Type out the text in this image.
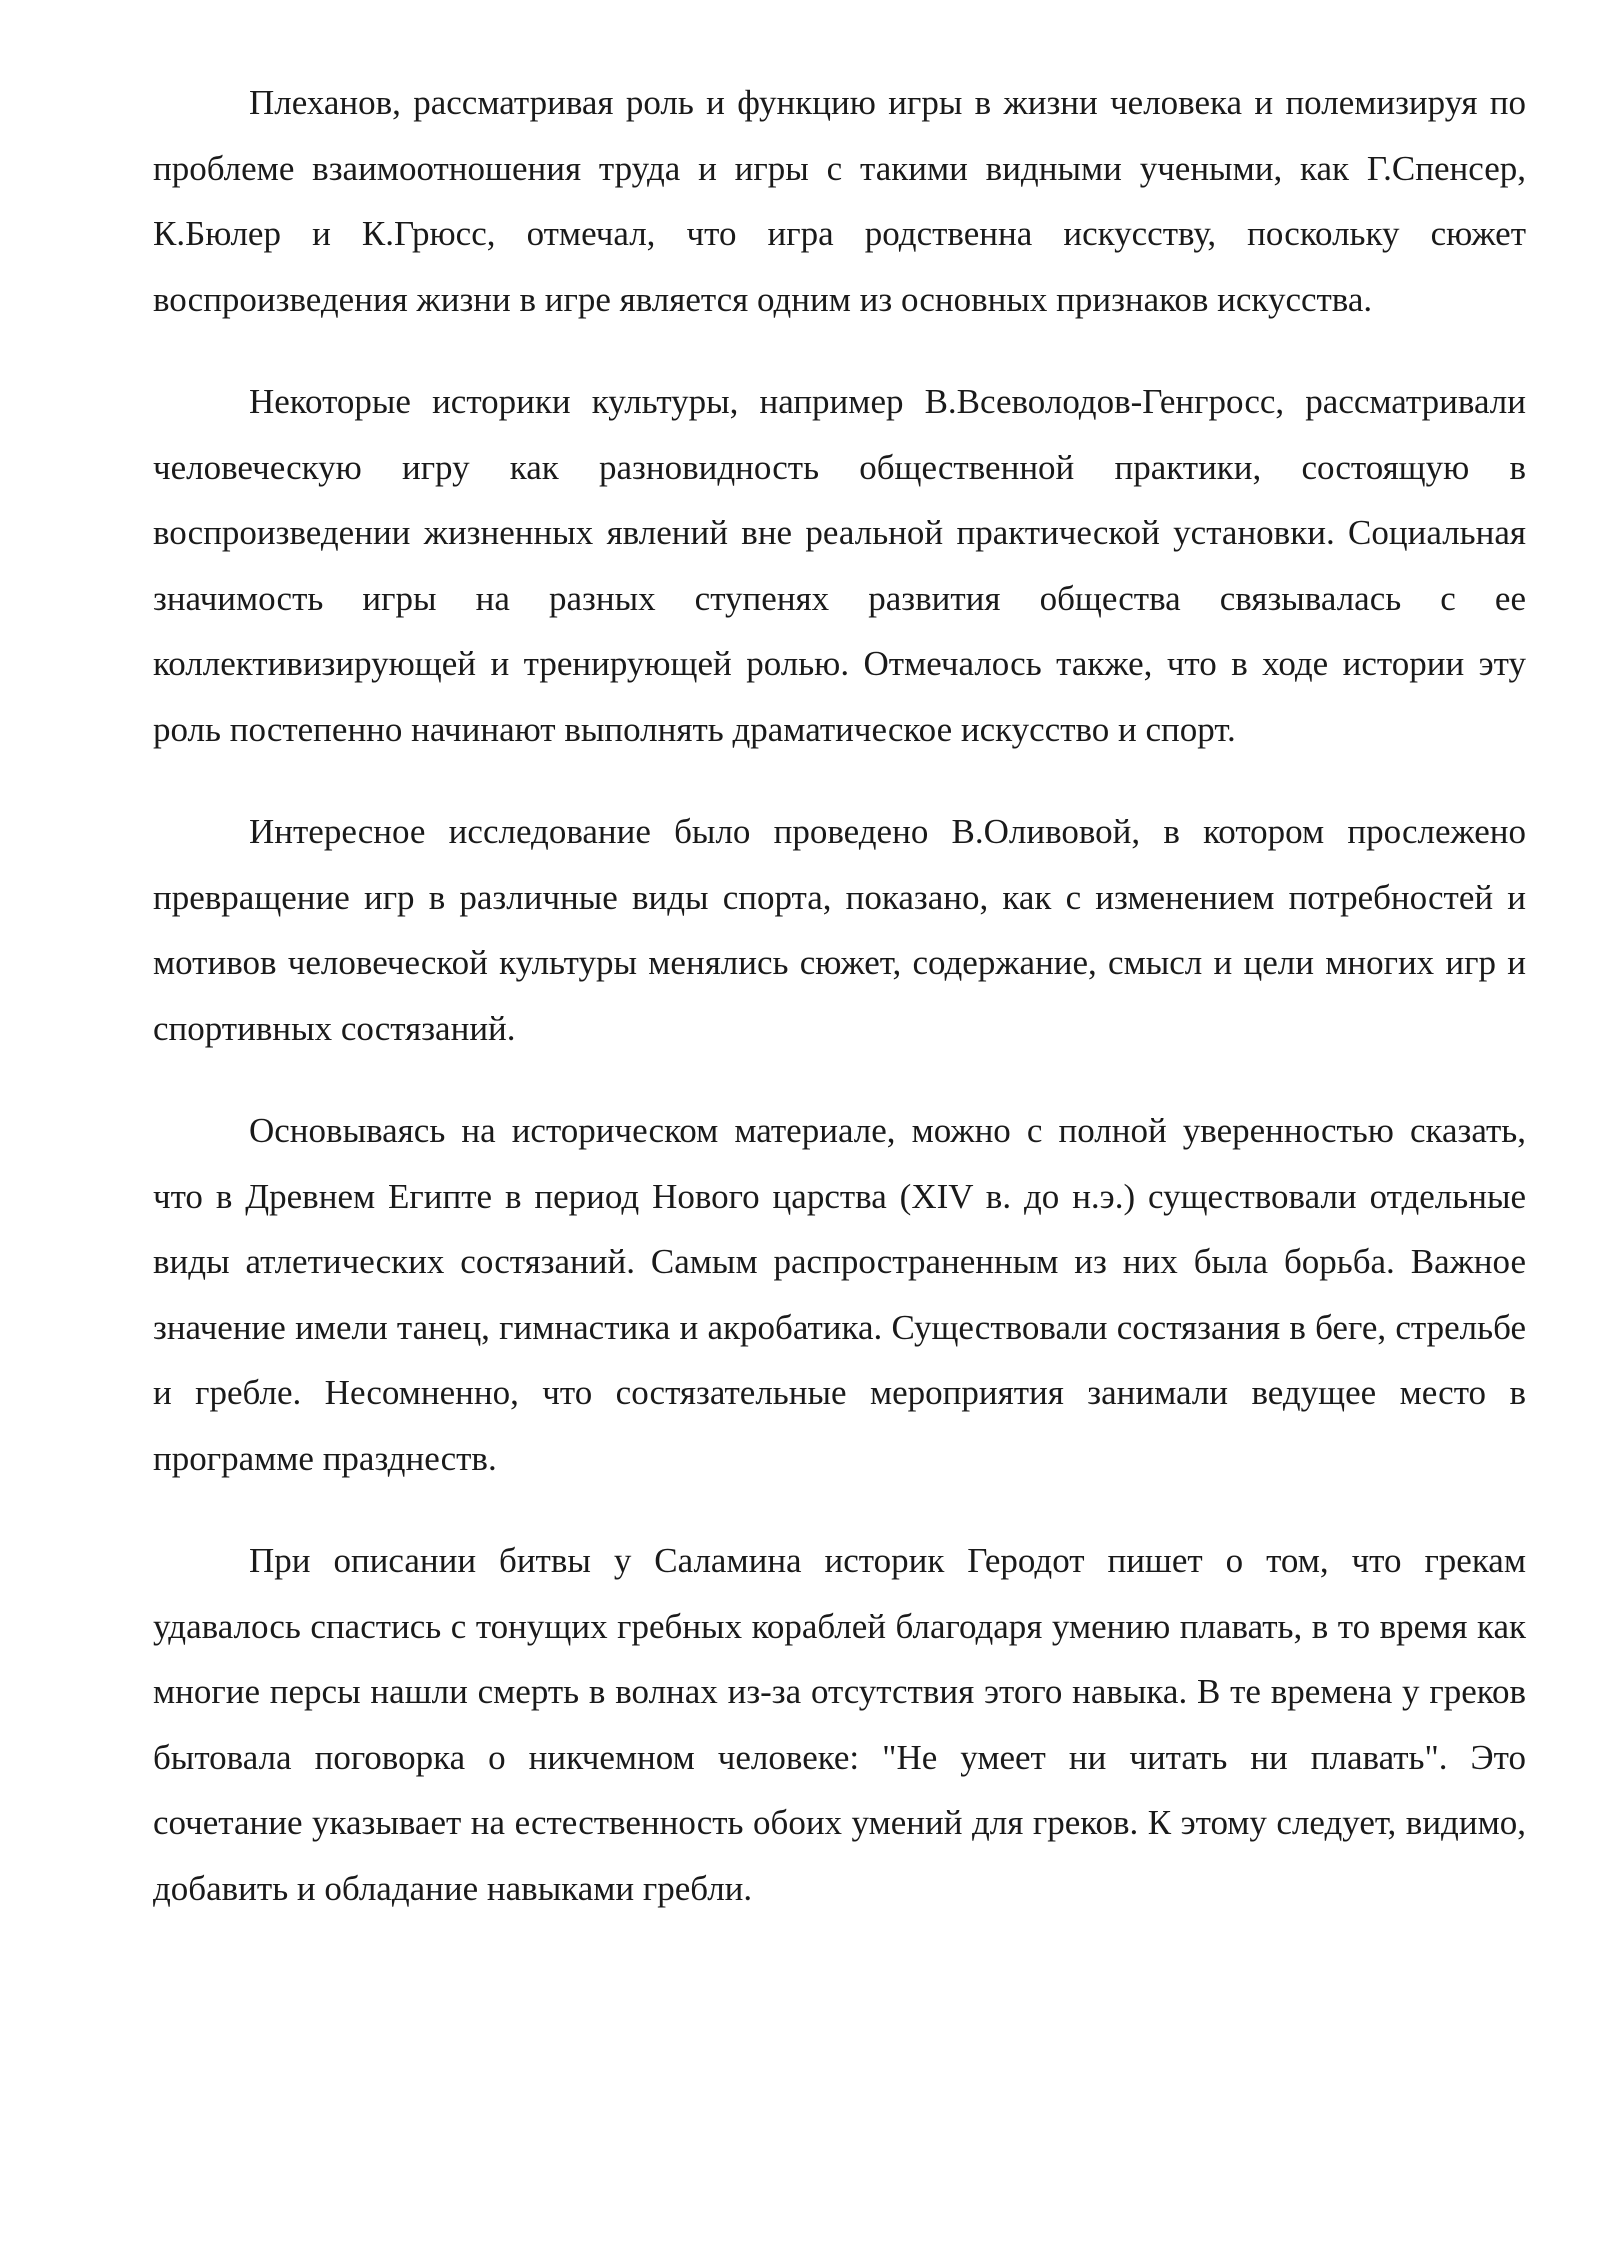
Плеханов, рассматривая роль и функцию игры в жизни человека и полемизируя по проблеме взаимоотношения труда и игры с такими видными учеными, как Г.Спенсер, К.Бюлер и К.Грюсс, отмечал, что игра родственна искусству, поскольку сюжет воспроизведения жизни в игре является одним из основных признаков искусства.

Некоторые историки культуры, например В.Всеволодов-Генгросс, рассматривали человеческую игру как разновидность общественной практики, состоящую в воспроизведении жизненных явлений вне реальной практической установки. Социальная значимость игры на разных ступенях развития общества связывалась с ее коллективизирующей и тренирующей ролью. Отмечалось также, что в ходе истории эту роль постепенно начинают выполнять драматическое искусство и спорт.

Интересное исследование было проведено В.Оливовой, в котором прослежено превращение игр в различные виды спорта, показано, как с изменением потребностей и мотивов человеческой культуры менялись сюжет, содержание, смысл и цели многих игр и спортивных состязаний.

Основываясь на историческом материале, можно с полной уверенностью сказать, что в Древнем Египте в период Нового царства (XIV в. до н.э.) существовали отдельные виды атлетических состязаний. Самым распространенным из них была борьба. Важное значение имели танец, гимнастика и акробатика. Существовали состязания в беге, стрельбе и гребле. Несомненно, что состязательные мероприятия занимали ведущее место в программе празднеств.

При описании битвы у Саламина историк Геродот пишет о том, что грекам удавалось спастись с тонущих гребных кораблей благодаря умению плавать, в то время как многие персы нашли смерть в волнах из-за отсутствия этого навыка. В те времена у греков бытовала поговорка о никчемном человеке: "Не умеет ни читать ни плавать". Это сочетание указывает на естественность обоих умений для греков. К этому следует, видимо, добавить и обладание навыками гребли.
